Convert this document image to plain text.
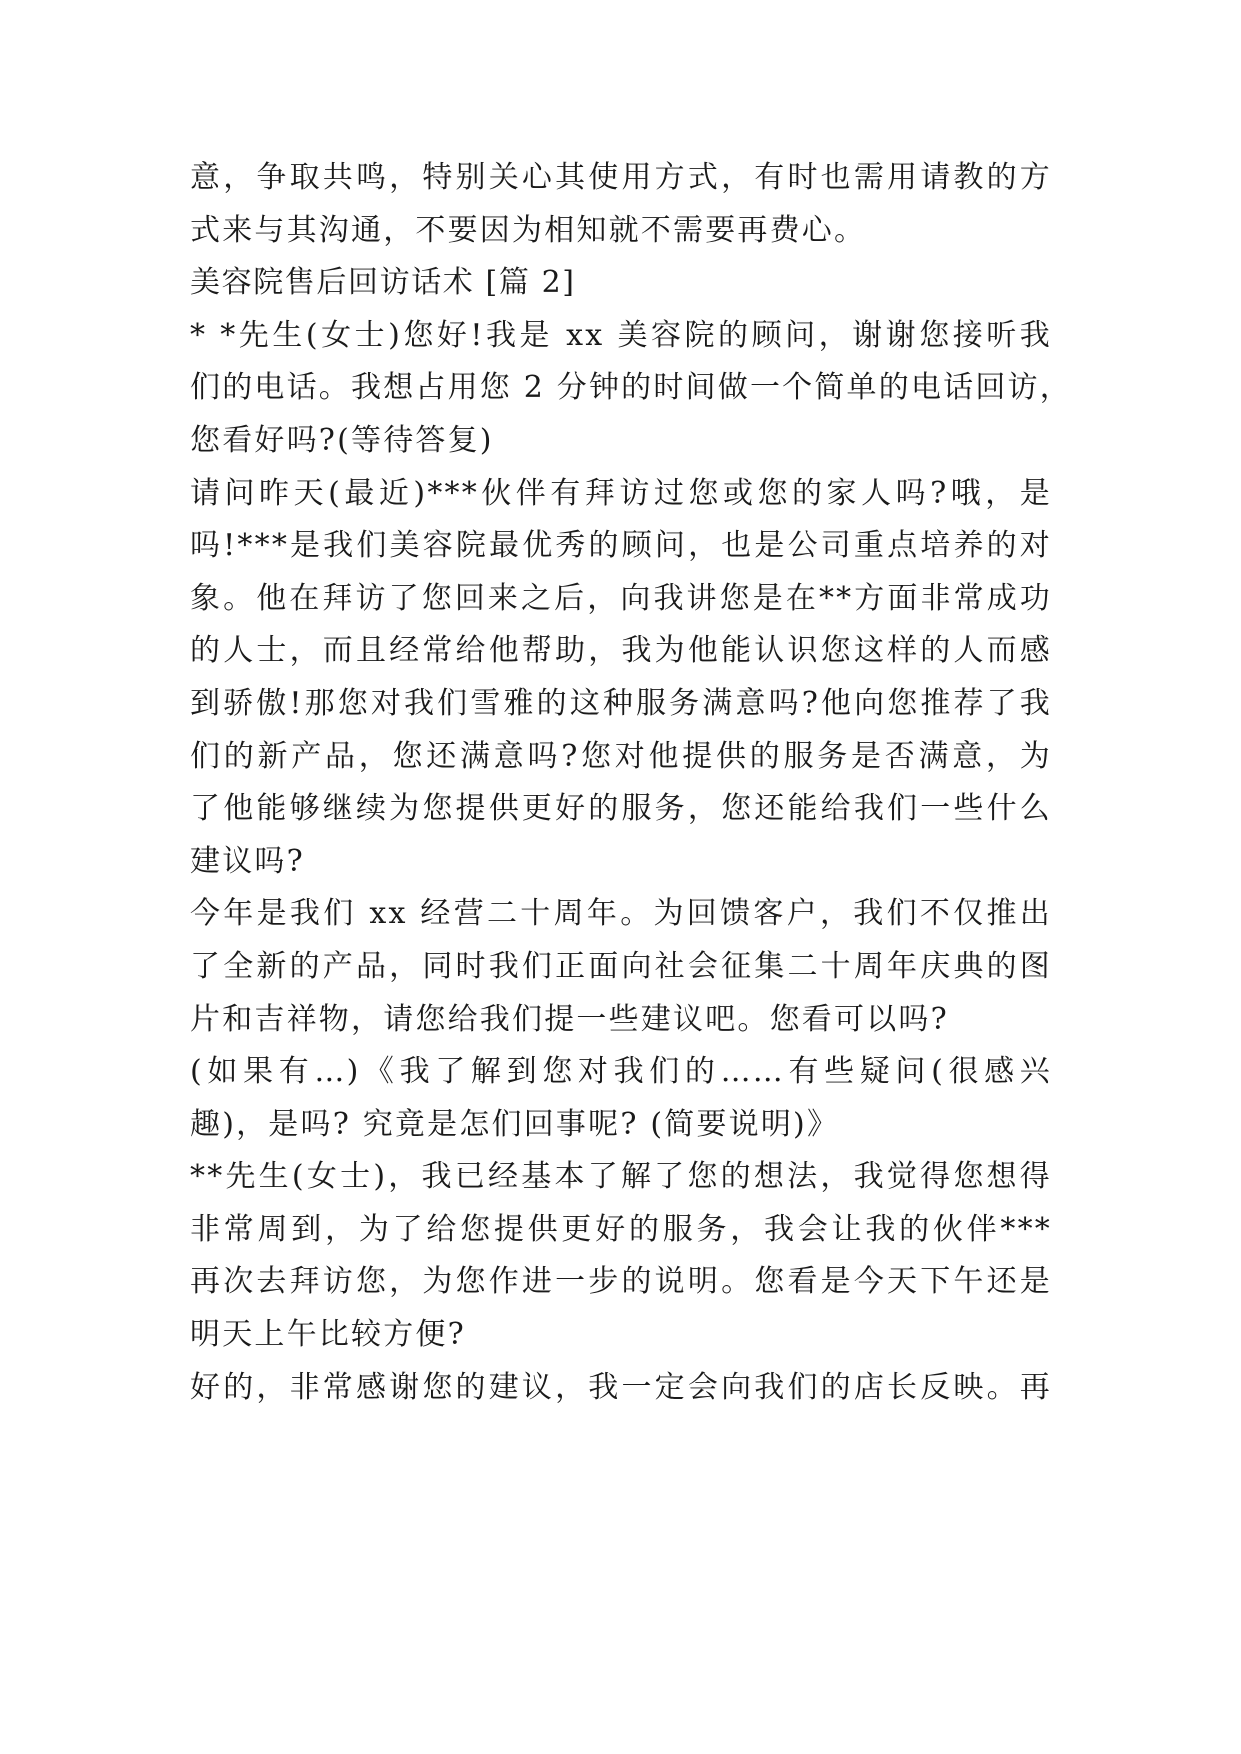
意，争取共鸣，特别关心其使用方式，有时也需用请教的方
式来与其沟通，不要因为相知就不需要再费心。
美容院售后回访话术 [篇 2]
* *先生(女士)您好!我是 xx 美容院的顾问，谢谢您接听我
们的电话。我想占用您 2 分钟的时间做一个简单的电话回访，
您看好吗?(等待答复)
请问昨天(最近)***伙伴有拜访过您或您的家人吗?哦，是
吗!***是我们美容院最优秀的顾问，也是公司重点培养的对
象。他在拜访了您回来之后，向我讲您是在**方面非常成功
的人士，而且经常给他帮助，我为他能认识您这样的人而感
到骄傲!那您对我们雪雅的这种服务满意吗?他向您推荐了我
们的新产品，您还满意吗?您对他提供的服务是否满意，为
了他能够继续为您提供更好的服务，您还能给我们一些什么
建议吗?
今年是我们 xx 经营二十周年。为回馈客户，我们不仅推出
了全新的产品，同时我们正面向社会征集二十周年庆典的图
片和吉祥物，请您给我们提一些建议吧。您看可以吗?
(如果有…)《我了解到您对我们的……有些疑问(很感兴
趣)，是吗? 究竟是怎们回事呢? (简要说明)》
**先生(女士)，我已经基本了解了您的想法，我觉得您想得
非常周到，为了给您提供更好的服务，我会让我的伙伴***
再次去拜访您，为您作进一步的说明。您看是今天下午还是
明天上午比较方便?
好的，非常感谢您的建议，我一定会向我们的店长反映。再
